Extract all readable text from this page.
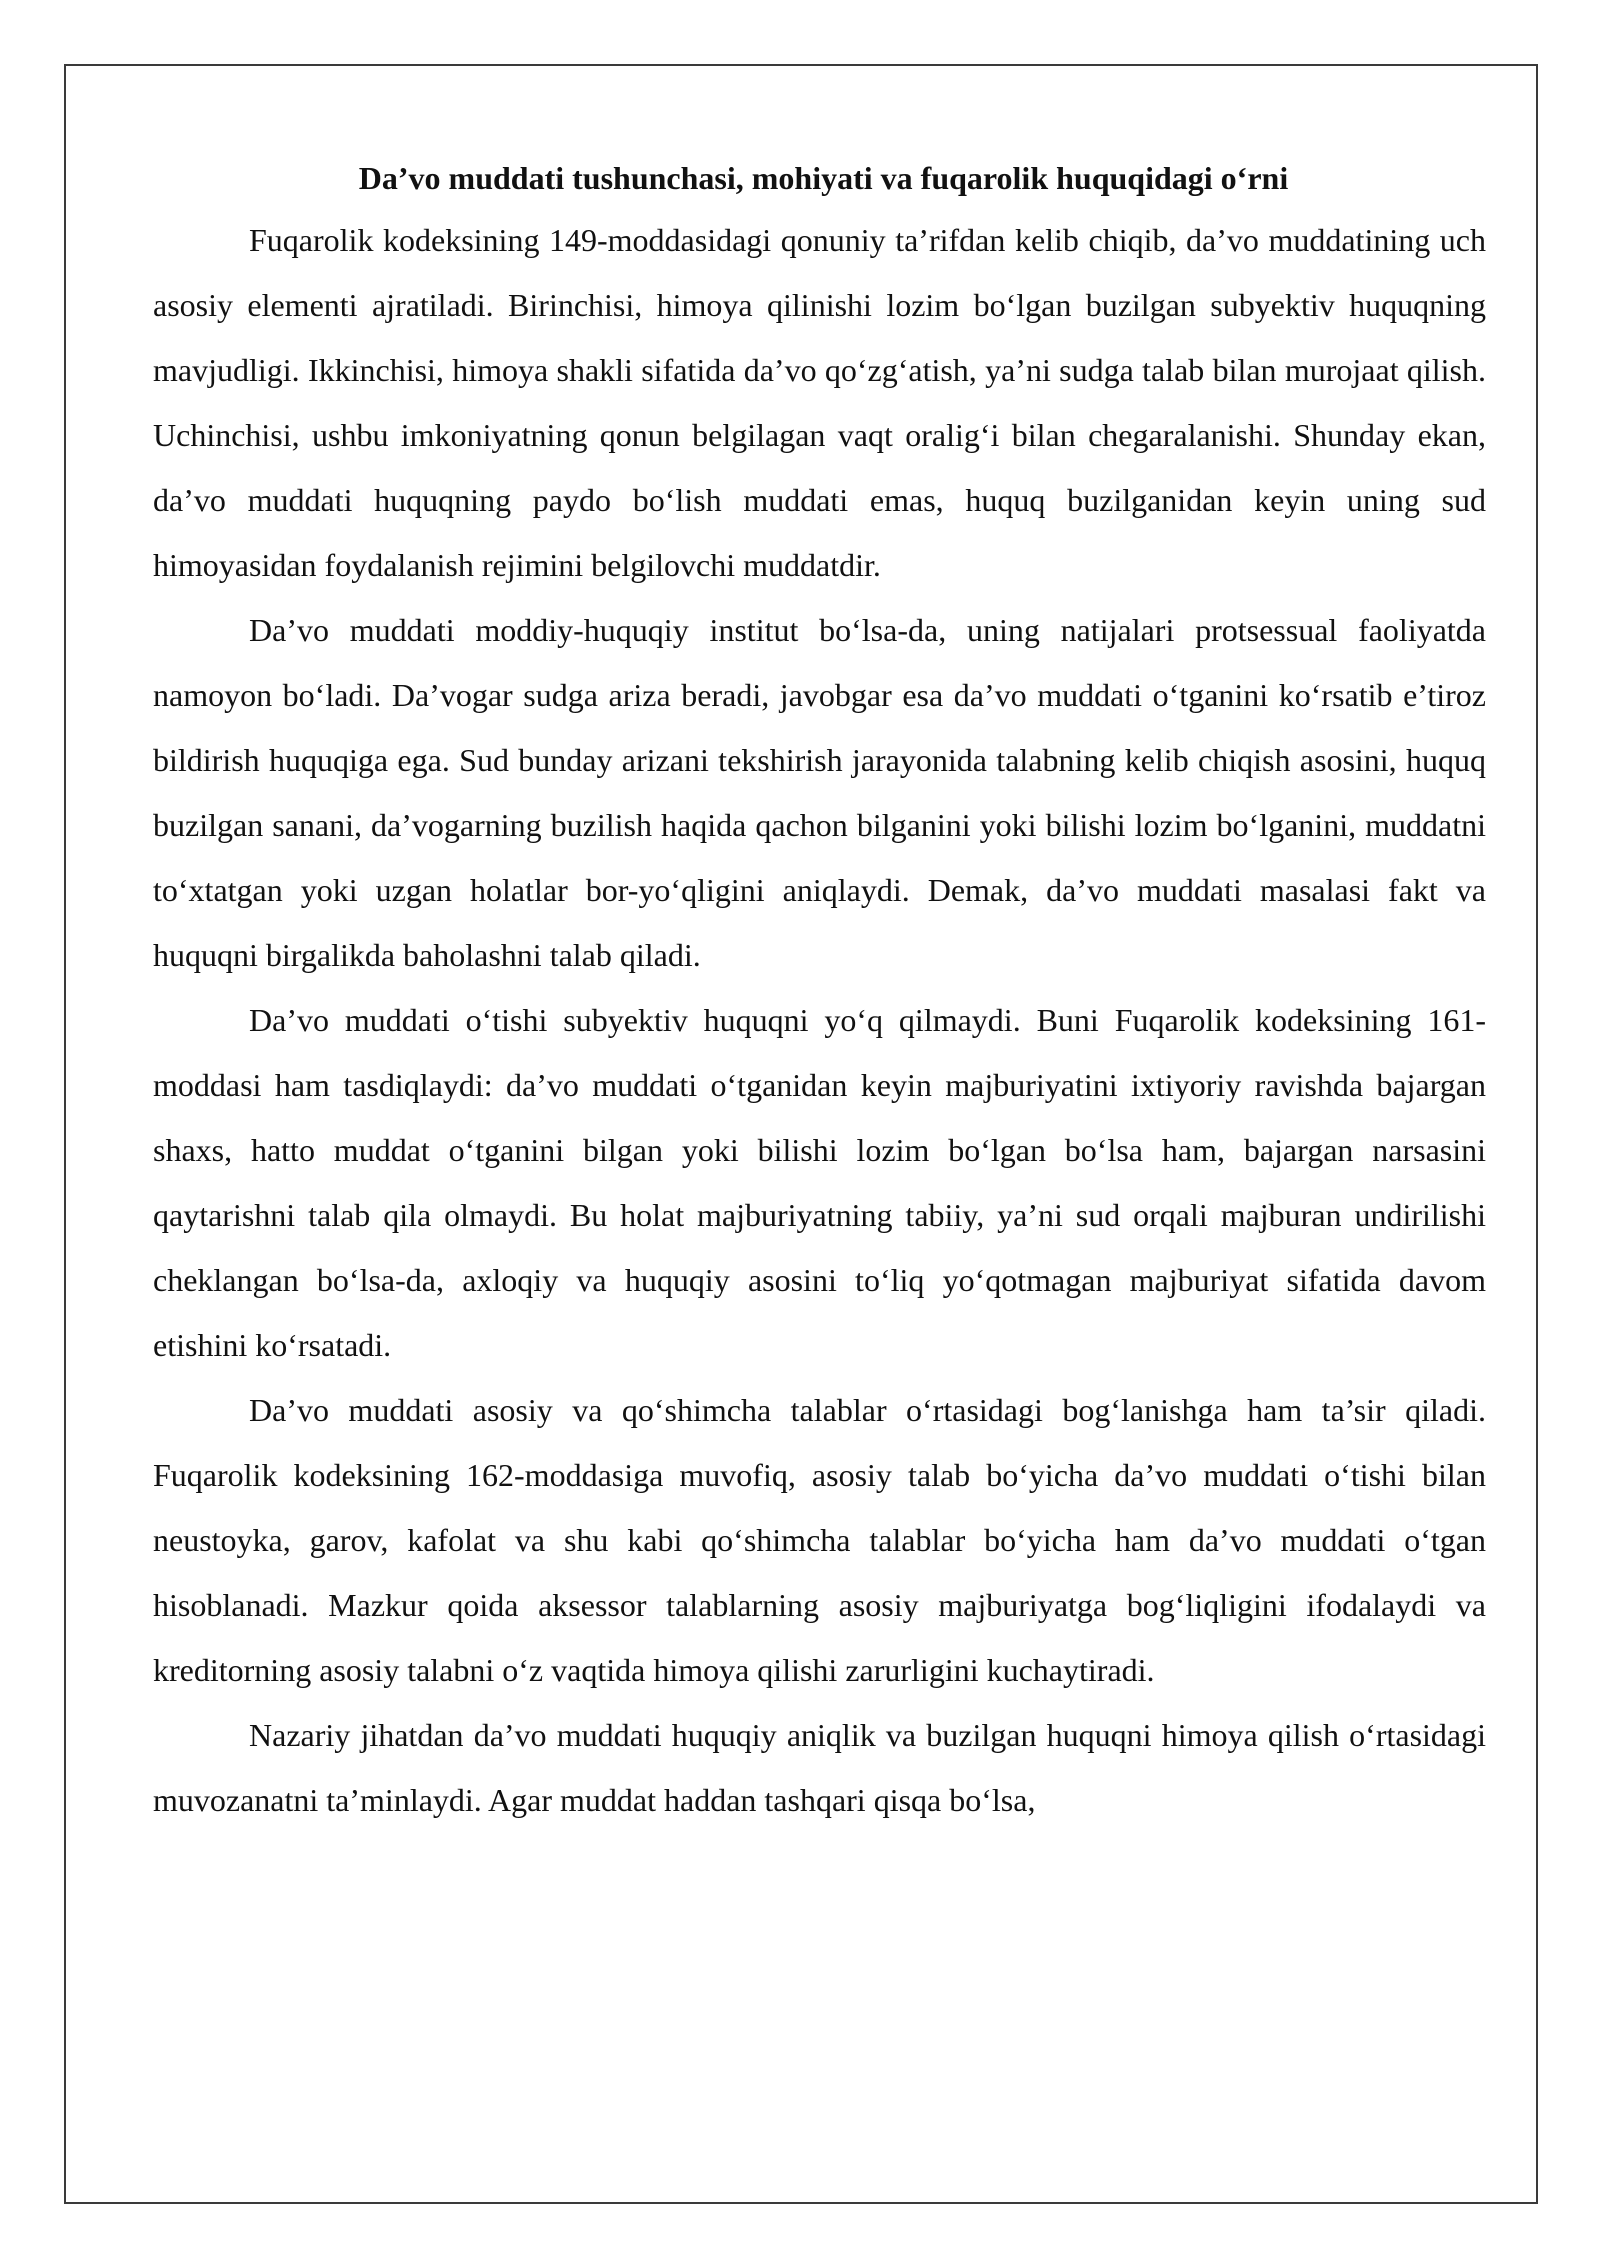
Da’vo muddati tushunchasi, mohiyati va fuqarolik huquqidagi o‘rni

Fuqarolik kodeksining 149-moddasidagi qonuniy ta’rifdan kelib chiqib, da’vo muddatining uch asosiy elementi ajratiladi. Birinchisi, himoya qilinishi lozim bo‘lgan buzilgan subyektiv huquqning mavjudligi. Ikkinchisi, himoya shakli sifatida da’vo qo‘zg‘atish, ya’ni sudga talab bilan murojaat qilish. Uchinchisi, ushbu imkoniyatning qonun belgilagan vaqt oralig‘i bilan chegaralanishi. Shunday ekan, da’vo muddati huquqning paydo bo‘lish muddati emas, huquq buzilganidan keyin uning sud himoyasidan foydalanish rejimini belgilovchi muddatdir.

Da’vo muddati moddiy-huquqiy institut bo‘lsa-da, uning natijalari protsessual faoliyatda namoyon bo‘ladi. Da’vogar sudga ariza beradi, javobgar esa da’vo muddati o‘tganini ko‘rsatib e’tiroz bildirish huquqiga ega. Sud bunday arizani tekshirish jarayonida talabning kelib chiqish asosini, huquq buzilgan sanani, da’vogarning buzilish haqida qachon bilganini yoki bilishi lozim bo‘lganini, muddatni to‘xtatgan yoki uzgan holatlar bor-yo‘qligini aniqlaydi. Demak, da’vo muddati masalasi fakt va huquqni birgalikda baholashni talab qiladi.

Da’vo muddati o‘tishi subyektiv huquqni yo‘q qilmaydi. Buni Fuqarolik kodeksining 161-moddasi ham tasdiqlaydi: da’vo muddati o‘tganidan keyin majburiyatini ixtiyoriy ravishda bajargan shaxs, hatto muddat o‘tganini bilgan yoki bilishi lozim bo‘lgan bo‘lsa ham, bajargan narsasini qaytarishni talab qila olmaydi. Bu holat majburiyatning tabiiy, ya’ni sud orqali majburan undirilishi cheklangan bo‘lsa-da, axloqiy va huquqiy asosini to‘liq yo‘qotmagan majburiyat sifatida davom etishini ko‘rsatadi.

Da’vo muddati asosiy va qo‘shimcha talablar o‘rtasidagi bog‘lanishga ham ta’sir qiladi. Fuqarolik kodeksining 162-moddasiga muvofiq, asosiy talab bo‘yicha da’vo muddati o‘tishi bilan neustoyka, garov, kafolat va shu kabi qo‘shimcha talablar bo‘yicha ham da’vo muddati o‘tgan hisoblanadi. Mazkur qoida aksessor talablarning asosiy majburiyatga bog‘liqligini ifodalaydi va kreditorning asosiy talabni o‘z vaqtida himoya qilishi zarurligini kuchaytiradi.

Nazariy jihatdan da’vo muddati huquqiy aniqlik va buzilgan huquqni himoya qilish o‘rtasidagi muvozanatni ta’minlaydi. Agar muddat haddan tashqari qisqa bo‘lsa,
